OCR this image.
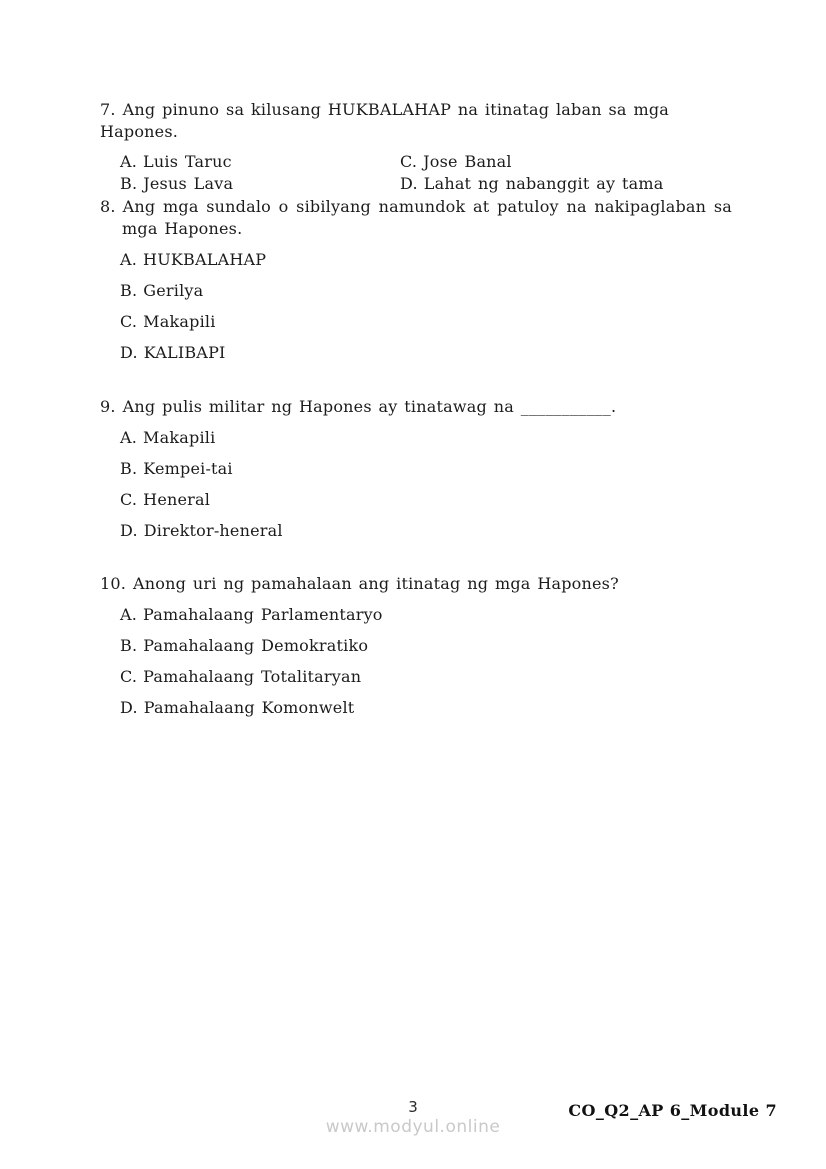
7. Ang pinuno sa kilusang HUKBALAHAP na itinatag laban sa mga Hapones.
A. Luis Taruc	C. Jose Banal
B. Jesus Lava	D. Lahat ng nabanggit ay tama
8. Ang mga sundalo o sibilyang namundok at patuloy na nakipaglaban sa
mga Hapones.
A. HUKBALAHAP
B. Gerilya
C. Makapili
D. KALIBAPI
9. Ang pulis militar ng Hapones ay tinatawag na ___________.
A. Makapili
B. Kempei-tai
C. Heneral
D. Direktor-heneral
10. Anong uri ng pamahalaan ang itinatag ng mga Hapones?
A. Pamahalaang Parlamentaryo
B. Pamahalaang Demokratiko
C. Pamahalaang Totalitaryan
D. Pamahalaang Komonwelt
3
www.modyul.online
CO_Q2_AP 6_Module 7
